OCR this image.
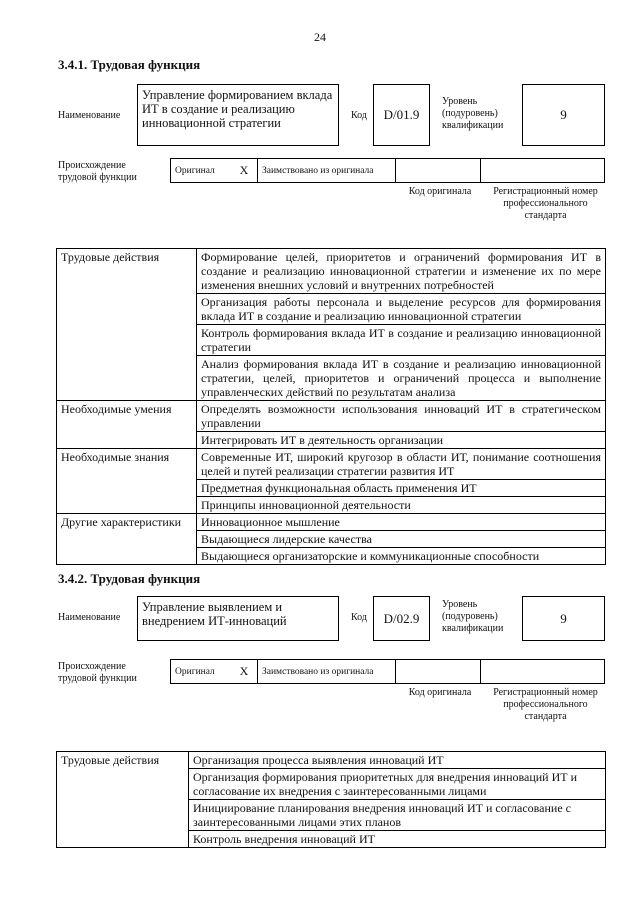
24
3.4.1. Трудовая функция
Наименование
Управление формированием вклада ИТ в создание и реализацию инновационной стратегии
Код	D/01.9
Уровень (подуровень) квалификации
9
Происхождение трудовой функции
Оригинал	X	Заимствовано из оригинала
Код оригинала	Регистрационный номер профессионального стандарта
Трудовые действия	Формирование целей, приоритетов и ограничений формирования ИТ в создание и реализацию инновационной стратегии и изменение их по мере изменения внешних условий и внутренних потребностей
	Организация работы персонала и выделение ресурсов для формирования вклада ИТ в создание и реализацию инновационной стратегии
	Контроль формирования вклада ИТ в создание и реализацию инновационной стратегии
	Анализ формирования вклада ИТ в создание и реализацию инновационной стратегии, целей, приоритетов и ограничений процесса и выполнение управленческих действий по результатам анализа
Необходимые умения	Определять возможности использования инноваций ИТ в стратегическом управлении
	Интегрировать ИТ в деятельность организации
Необходимые знания	Современные ИТ, широкий кругозор в области ИТ, понимание соотношения целей и путей реализации стратегии развития ИТ
	Предметная функциональная область применения ИТ
	Принципы инновационной деятельности
Другие характеристики	Инновационное мышление
	Выдающиеся лидерские качества
	Выдающиеся организаторские и коммуникационные способности
3.4.2. Трудовая функция
Наименование
Управление выявлением и внедрением ИТ-инноваций	Код	D/02.9
Уровень (подуровень) квалификации
9
Происхождение трудовой функции
Оригинал	X	Заимствовано из оригинала
Код оригинала	Регистрационный номер профессионального стандарта
Трудовые действия	Организация процесса выявления инноваций ИТ
Организация формирования приоритетных для внедрения инноваций ИТ и согласование их внедрения с заинтересованными лицами
Инициирование планирования внедрения инноваций ИТ и согласование с заинтересованными лицами этих планов
Контроль внедрения инноваций ИТ
